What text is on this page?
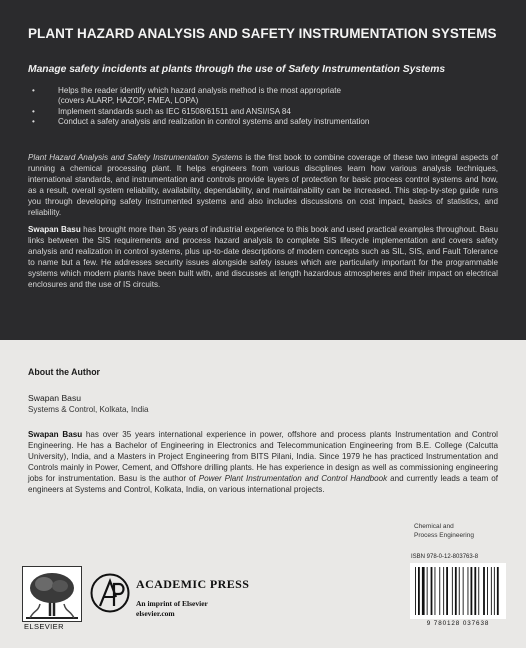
PLANT HAZARD ANALYSIS AND SAFETY INSTRUMENTATION SYSTEMS
Manage safety incidents at plants through the use of Safety Instrumentation Systems
•	Helps the reader identify which hazard analysis method is the most appropriate
(covers ALARP, HAZOP, FMEA, LOPA)
•	Implement standards such as IEC 61508/61511 and ANSI/ISA 84
•	Conduct a safety analysis and realization in control systems and safety instrumentation

Plant Hazard Analysis and Safety Instrumentation Systems is the first book to combine coverage of these two integral aspects of running a chemical processing plant. It helps engineers from various disciplines learn how various analysis techniques, international standards, and instrumentation and controls provide layers of protection for basic process control systems and how, as a result, overall system reliability, availability, dependability, and maintainability can be increased. This step-by-step guide runs you through developing safety instrumented systems and also includes discussions on cost impact, basics of statistics, and reliability.

Swapan Basu has brought more than 35 years of industrial experience to this book and used practical examples throughout. Basu links between the SIS requirements and process hazard analysis to complete SIS lifecycle implementation and covers safety analysis and realization in control systems, plus up-to-date descriptions of modern concepts such as SIL, SIS, and Fault Tolerance to name but a few. He addresses security issues alongside safety issues which are particularly important for the programmable systems which modern plants have been built with, and discusses at length hazardous atmospheres and their impact on electrical enclosures and the use of IS circuits.

About the Author
Swapan Basu
Systems & Control, Kolkata, India

Swapan Basu has over 35 years international experience in power, offshore and process plants Instrumentation and Control Engineering. He has a Bachelor of Engineering in Electronics and Telecommunication Engineering from B.E. College (Calcutta University), India, and a Masters in Project Engineering from BITS Pilani, India. Since 1979 he has practiced Instrumentation and Controls mainly in Power, Cement, and Offshore drilling plants. He has experience in design as well as commissioning engineering jobs for instrumentation. Basu is the author of Power Plant Instrumentation and Control Handbook and currently leads a team of engineers at Systems and Control, Kolkata, India, on various international projects.

Chemical and
Process Engineering
ISBN 978-0-12-803763-8
9 780128 037638
ELSEVIER
ACADEMIC PRESS
An imprint of Elsevier
elsevier.com
